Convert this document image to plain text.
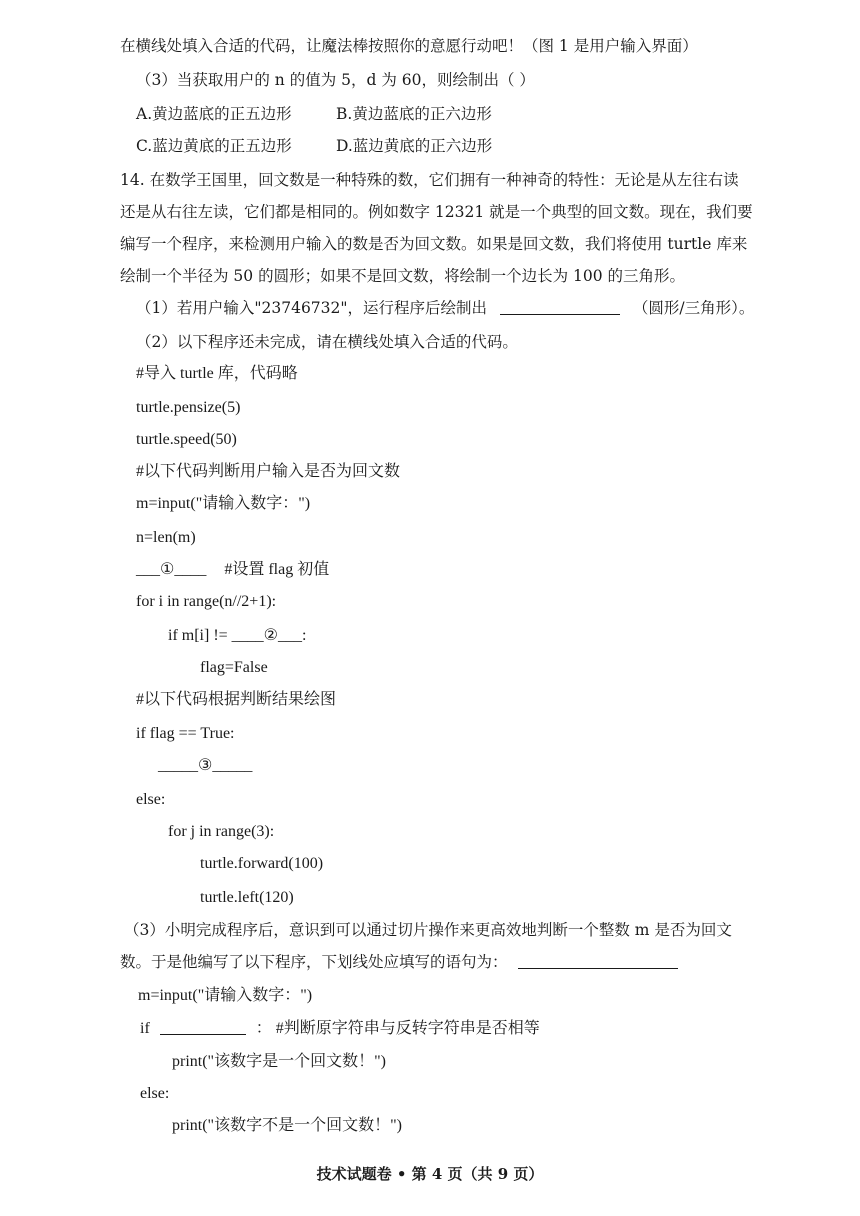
在横线处填入合适的代码，让魔法棒按照你的意愿行动吧！（图 1 是用户输入界面）
（3）当获取用户的 n 的值为 5，d 为 60，则绘制出（ ）
A.黄边蓝底的正五边形	B.黄边蓝底的正六边形
C.蓝边黄底的正五边形	D.蓝边黄底的正六边形
14. 在数学王国里，回文数是一种特殊的数，它们拥有一种神奇的特性：无论是从左往右读
还是从右往左读，它们都是相同的。例如数字 12321 就是一个典型的回文数。现在，我们要
编写一个程序，来检测用户输入的数是否为回文数。如果是回文数，我们将使用 turtle 库来
绘制一个半径为 50 的圆形；如果不是回文数，将绘制一个边长为 100 的三角形。
（1）若用户输入"23746732"，运行程序后绘制出	（圆形/三角形）。
（2）以下程序还未完成，请在横线处填入合适的代码。
#导入 turtle 库，代码略
turtle.pensize(5)
turtle.speed(50)
#以下代码判断用户输入是否为回文数
m=input("请输入数字：")
n=len(m)
___①____ #设置 flag 初值
for i in range(n//2+1):
if m[i] != ____②___:
flag=False
#以下代码根据判断结果绘图
if flag == True:
_____③_____
else:
for j in range(3):
turtle.forward(100)
turtle.left(120)
（3）小明完成程序后，意识到可以通过切片操作来更高效地判断一个整数 m 是否为回文
数。于是他编写了以下程序，下划线处应填写的语句为：
m=input("请输入数字：")
if	： #判断原字符串与反转字符串是否相等
print("该数字是一个回文数！")
else:
print("该数字不是一个回文数！")
技术试题卷 • 第 4 页（共 9 页）
